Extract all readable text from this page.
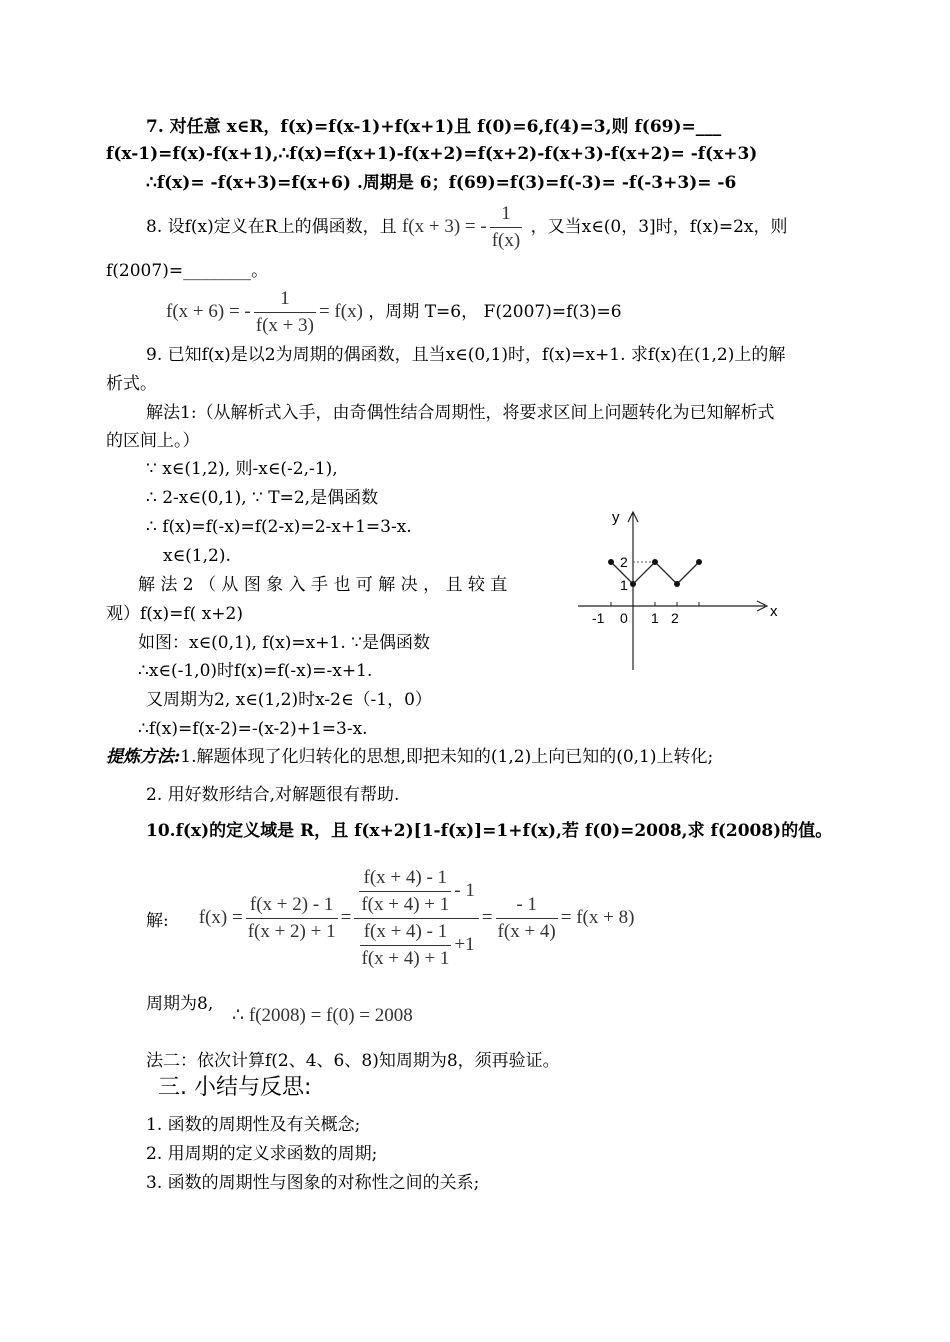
7. 对任意 x∈R，f(x)=f(x-1)+f(x+1)且 f(0)=6,f(4)=3,则 f(69)=___
f(x-1)=f(x)-f(x+1),∴f(x)=f(x+1)-f(x+2)=f(x+2)-f(x+3)-f(x+2)= -f(x+3)
∴f(x)= -f(x+3)=f(x+6) .周期是 6；f(69)=f(3)=f(-3)= -f(-3+3)= -6
8. 设f(x)定义在R上的偶函数，且 f(x + 3) = - $\frac{1}{f(x)}$ ，又当x∈(0，3]时，f(x)=2x，则
f(2007)=________。
f(x + 6) = - $\frac{1}{f(x + 3)} = f(x)$ ，周期 T=6， F(2007)=f(3)=6
9. 已知f(x)是以2为周期的偶函数，且当x∈(0,1)时，f(x)=x+1. 求f(x)在(1,2)上的解
析式。
解法1:（从解析式入手，由奇偶性结合周期性，将要求区间上问题转化为已知解析式
的区间上。）
∵ x∈(1,2), 则-x∈(-2,-1),
∴ 2-x∈(0,1), ∵ T=2,是偶函数
∴ f(x)=f(-x)=f(2-x)=2-x+1=3-x.
x∈(1,2).
解 法 2 （ 从 图 象 入 手 也 可 解 决 ， 且 较 直
观）f(x)=f( x+2)
如图：x∈(0,1), f(x)=x+1. ∵是偶函数
∴x∈(-1,0)时f(x)=f(-x)=-x+1.
又周期为2, x∈(1,2)时x-2∈（-1，0）
∴f(x)=f(x-2)=-(x-2)+1=3-x.
y
x
-1 0 1 2
2
1
提炼方法:1.解题体现了化归转化的思想,即把未知的(1,2)上向已知的(0,1)上转化;
2. 用好数形结合,对解题很有帮助.
10.f(x)的定义域是 R，且 f(x+2)[1-f(x)]=1+f(x),若 f(0)=2008,求 f(2008)的值。
解: $f(x) = \frac{f(x + 2) - 1}{f(x + 2) + 1} = \frac{\frac{f(x + 4) - 1}{f(x + 4) + 1} - 1}{\frac{f(x + 4) - 1}{f(x + 4) + 1} +1} = \frac{- 1}{f(x + 4)} = f(x + 8)$
周期为8,
∴ f(2008) = f(0) = 2008
法二：依次计算f(2、4、6、8)知周期为8，须再验证。
三. 小结与反思:
1. 函数的周期性及有关概念;
2. 用周期的定义求函数的周期;
3. 函数的周期性与图象的对称性之间的关系;
